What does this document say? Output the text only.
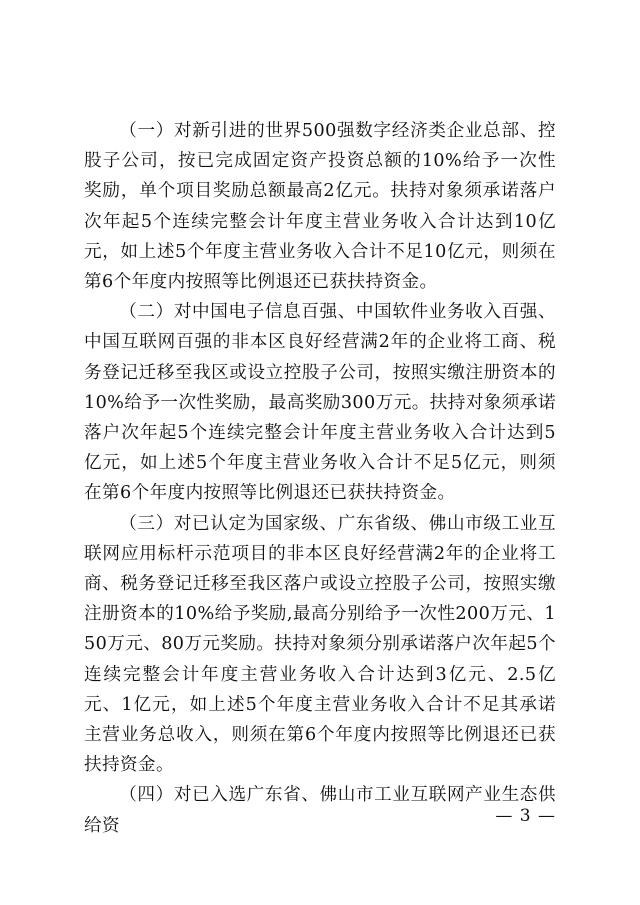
（一）对新引进的世界500强数字经济类企业总部、控股子公司，按已完成固定资产投资总额的10%给予一次性奖励，单个项目奖励总额最高2亿元。扶持对象须承诺落户次年起5个连续完整会计年度主营业务收入合计达到10亿元，如上述5个年度主营业务收入合计不足10亿元，则须在第6个年度内按照等比例退还已获扶持资金。

（二）对中国电子信息百强、中国软件业务收入百强、中国互联网百强的非本区良好经营满2年的企业将工商、税务登记迁移至我区或设立控股子公司，按照实缴注册资本的10%给予一次性奖励，最高奖励300万元。扶持对象须承诺落户次年起5个连续完整会计年度主营业务收入合计达到5亿元，如上述5个年度主营业务收入合计不足5亿元，则须在第6个年度内按照等比例退还已获扶持资金。

（三）对已认定为国家级、广东省级、佛山市级工业互联网应用标杆示范项目的非本区良好经营满2年的企业将工商、税务登记迁移至我区落户或设立控股子公司，按照实缴注册资本的10%给予奖励,最高分别给予一次性200万元、150万元、80万元奖励。扶持对象须分别承诺落户次年起5个连续完整会计年度主营业务收入合计达到3亿元、2.5亿元、1亿元，如上述5个年度主营业务收入合计不足其承诺主营业务总收入，则须在第6个年度内按照等比例退还已获扶持资金。

（四）对已入选广东省、佛山市工业互联网产业生态供给资	— 3 —
